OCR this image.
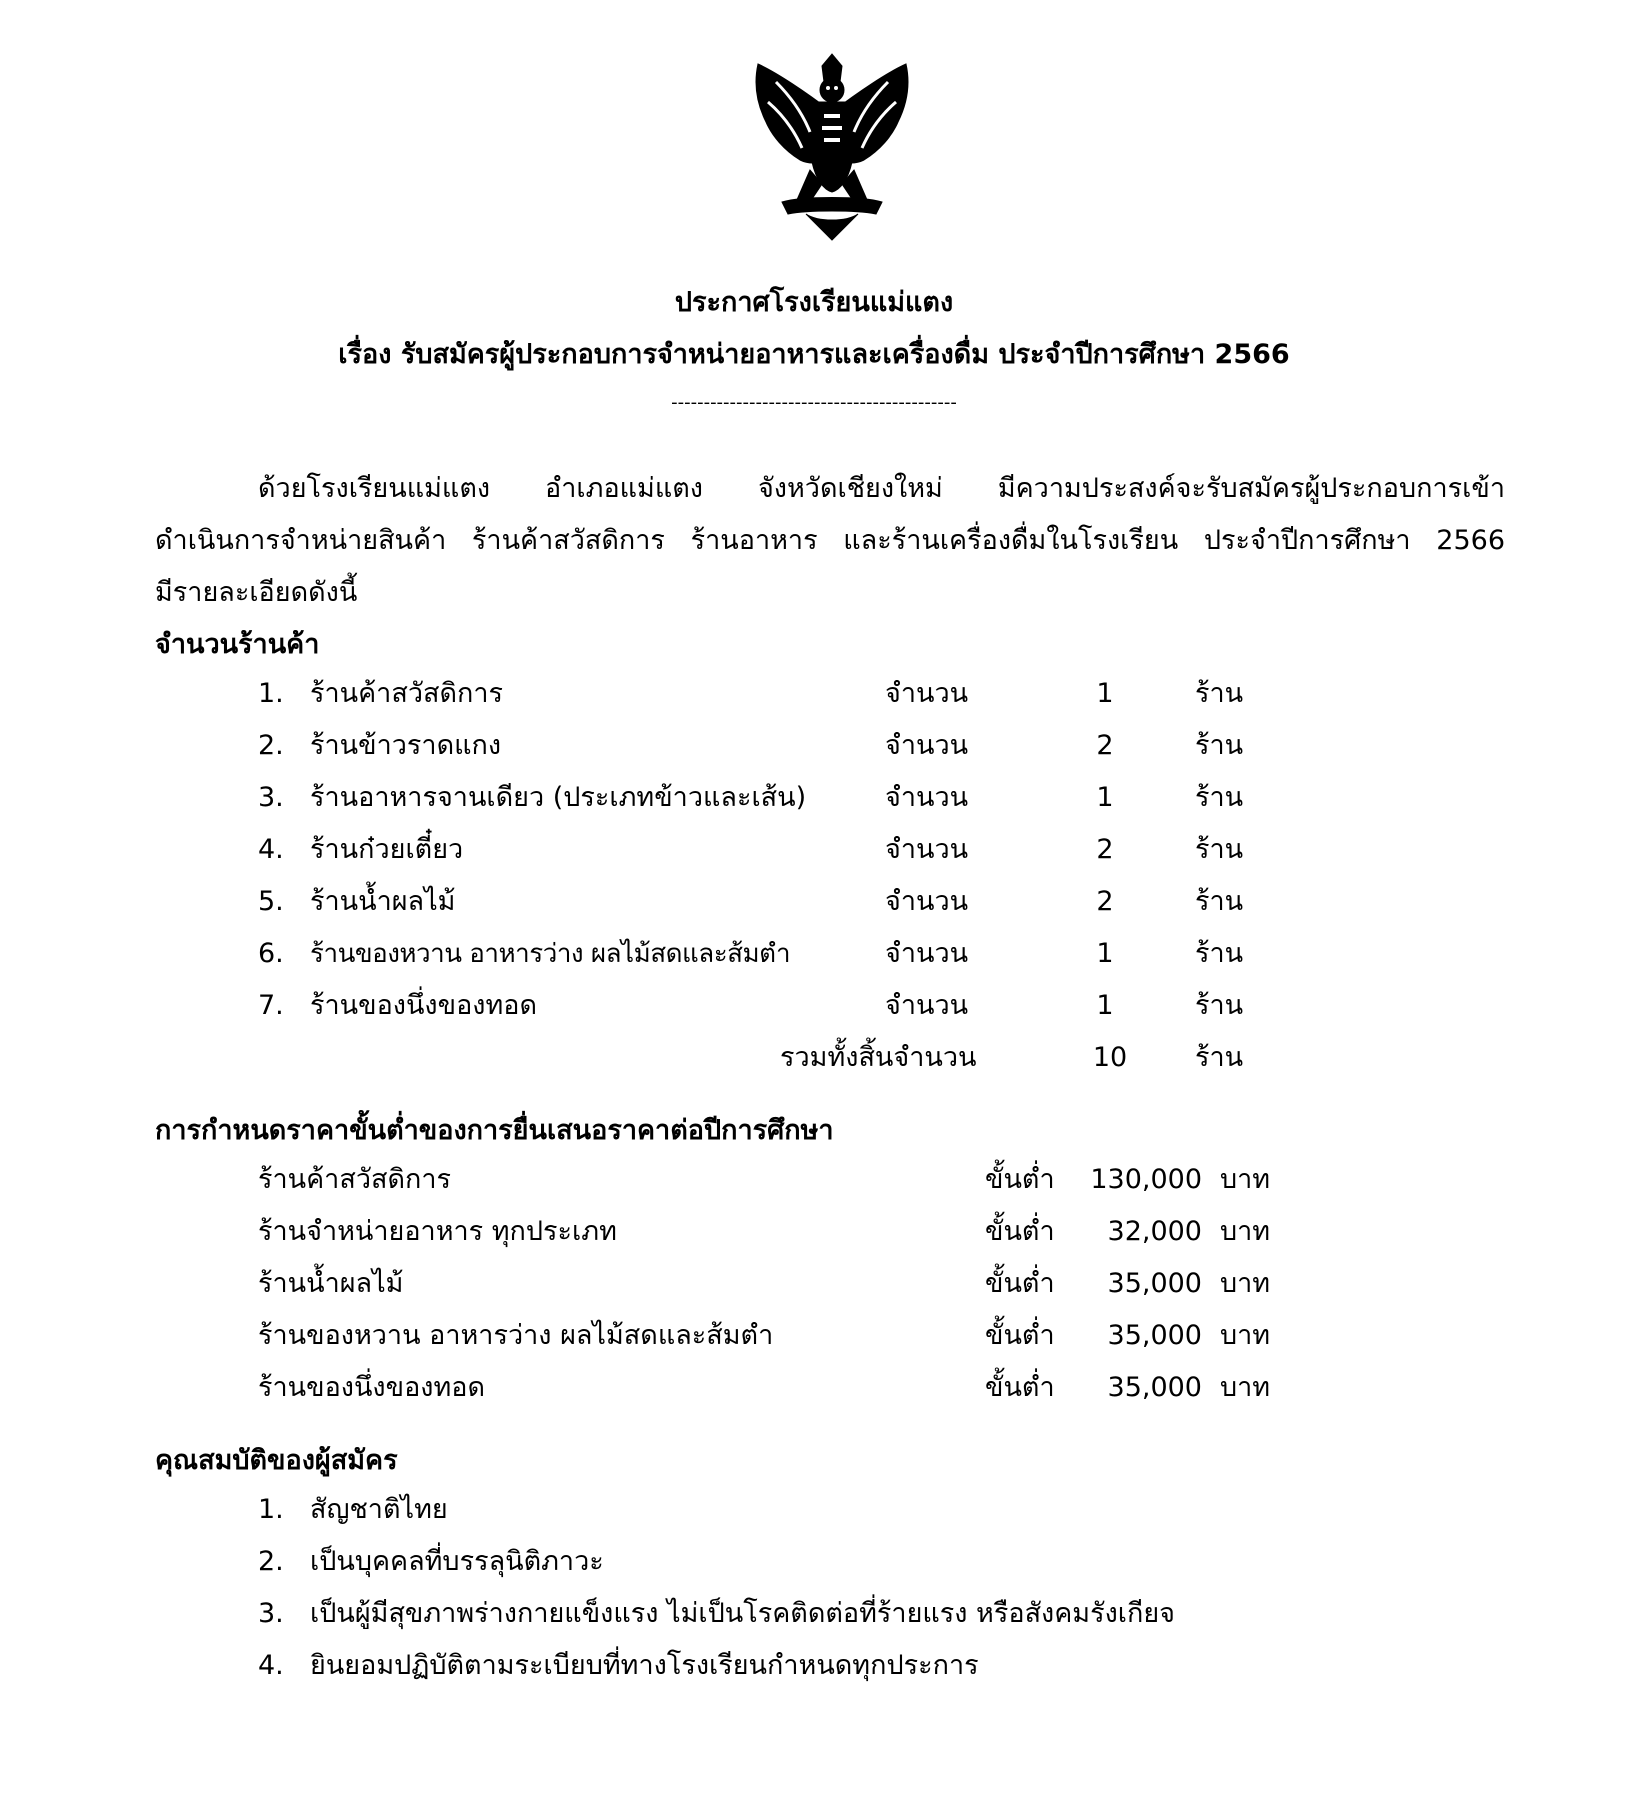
ประกาศโรงเรียนแม่แตง
เรื่อง รับสมัครผู้ประกอบการจำหน่ายอาหารและเครื่องดื่ม ประจำปีการศึกษา 2566
--------------------------------------------
ด้วยโรงเรียนแม่แตง อำเภอแม่แตง จังหวัดเชียงใหม่ มีความประสงค์จะรับสมัครผู้ประกอบการเข้า
ดำเนินการจำหน่ายสินค้า ร้านค้าสวัสดิการ ร้านอาหาร และร้านเครื่องดื่มในโรงเรียน ประจำปีการศึกษา 2566
มีรายละเอียดดังนี้
จำนวนร้านค้า
1. ร้านค้าสวัสดิการ	จำนวน	1	ร้าน
2. ร้านข้าวราดแกง	จำนวน	2	ร้าน
3. ร้านอาหารจานเดียว (ประเภทข้าวและเส้น)	จำนวน	1	ร้าน
4. ร้านก๋วยเตี๋ยว	จำนวน	2	ร้าน
5. ร้านน้ำผลไม้	จำนวน	2	ร้าน
6. ร้านของหวาน อาหารว่าง ผลไม้สดและส้มตำ	จำนวน	1	ร้าน
7. ร้านของนึ่งของทอด	จำนวน	1	ร้าน
รวมทั้งสิ้นจำนวน	10	ร้าน
การกำหนดราคาขั้นต่ำของการยื่นเสนอราคาต่อปีการศึกษา
ร้านค้าสวัสดิการ	ขั้นต่ำ	130,000 บาท
ร้านจำหน่ายอาหาร ทุกประเภท	ขั้นต่ำ	32,000 บาท
ร้านน้ำผลไม้	ขั้นต่ำ	35,000 บาท
ร้านของหวาน อาหารว่าง ผลไม้สดและส้มตำ	ขั้นต่ำ	35,000 บาท
ร้านของนึ่งของทอด	ขั้นต่ำ	35,000 บาท
คุณสมบัติของผู้สมัคร
1. สัญชาติไทย
2. เป็นบุคคลที่บรรลุนิติภาวะ
3. เป็นผู้มีสุขภาพร่างกายแข็งแรง ไม่เป็นโรคติดต่อที่ร้ายแรง หรือสังคมรังเกียจ
4. ยินยอมปฏิบัติตามระเบียบที่ทางโรงเรียนกำหนดทุกประการ
